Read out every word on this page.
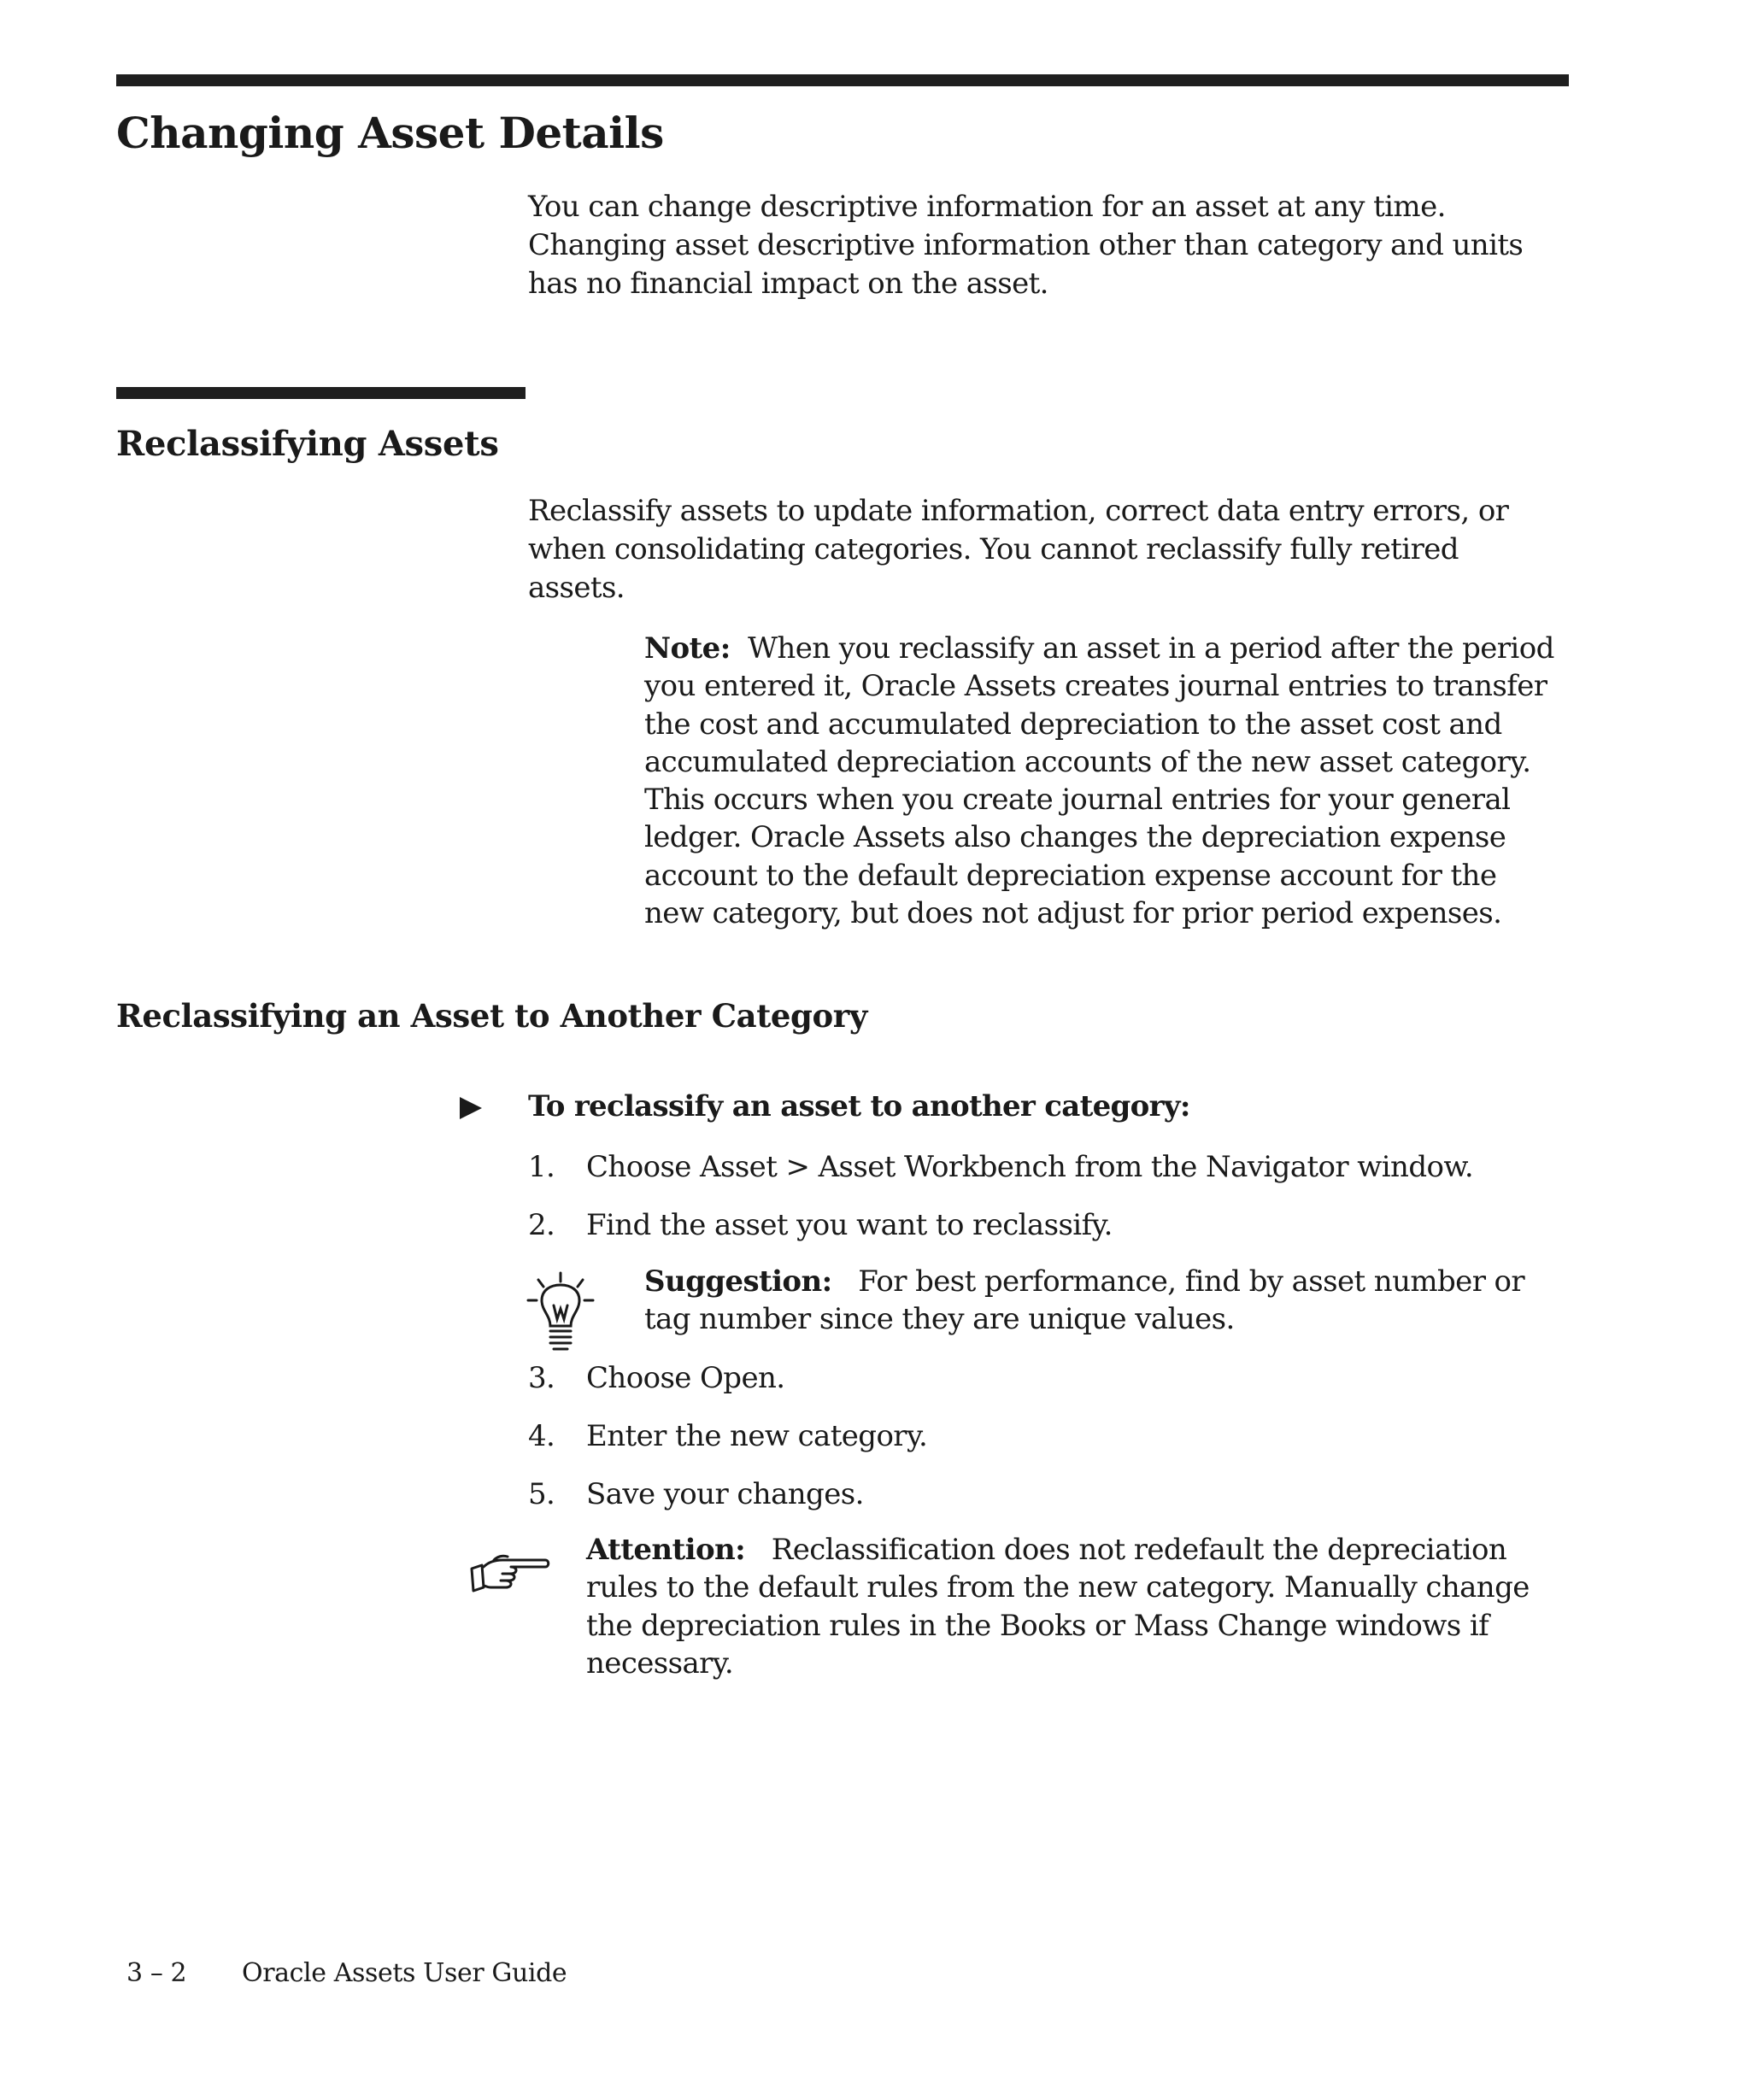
Changing Asset Details

You can change descriptive information for an asset at any time.
Changing asset descriptive information other than category and units
has no financial impact on the asset.

Reclassifying Assets

Reclassify assets to update information, correct data entry errors, or
when consolidating categories. You cannot reclassify fully retired
assets.

Note: When you reclassify an asset in a period after the period
you entered it, Oracle Assets creates journal entries to transfer
the cost and accumulated depreciation to the asset cost and
accumulated depreciation accounts of the new asset category.
This occurs when you create journal entries for your general
ledger. Oracle Assets also changes the depreciation expense
account to the default depreciation expense account for the
new category, but does not adjust for prior period expenses.
Reclassifying an Asset to Another Category
To reclassify an asset to another category:
1. Choose Asset > Asset Workbench from the Navigator window.
2. Find the asset you want to reclassify.
Suggestion: For best performance, find by asset number or
tag number since they are unique values.
3. Choose Open.
4. Enter the new category.
5. Save your changes.
Attention: Reclassification does not redefault the depreciation
rules to the default rules from the new category. Manually change
the depreciation rules in the Books or Mass Change windows if
necessary.
3 – 2 Oracle Assets User Guide
